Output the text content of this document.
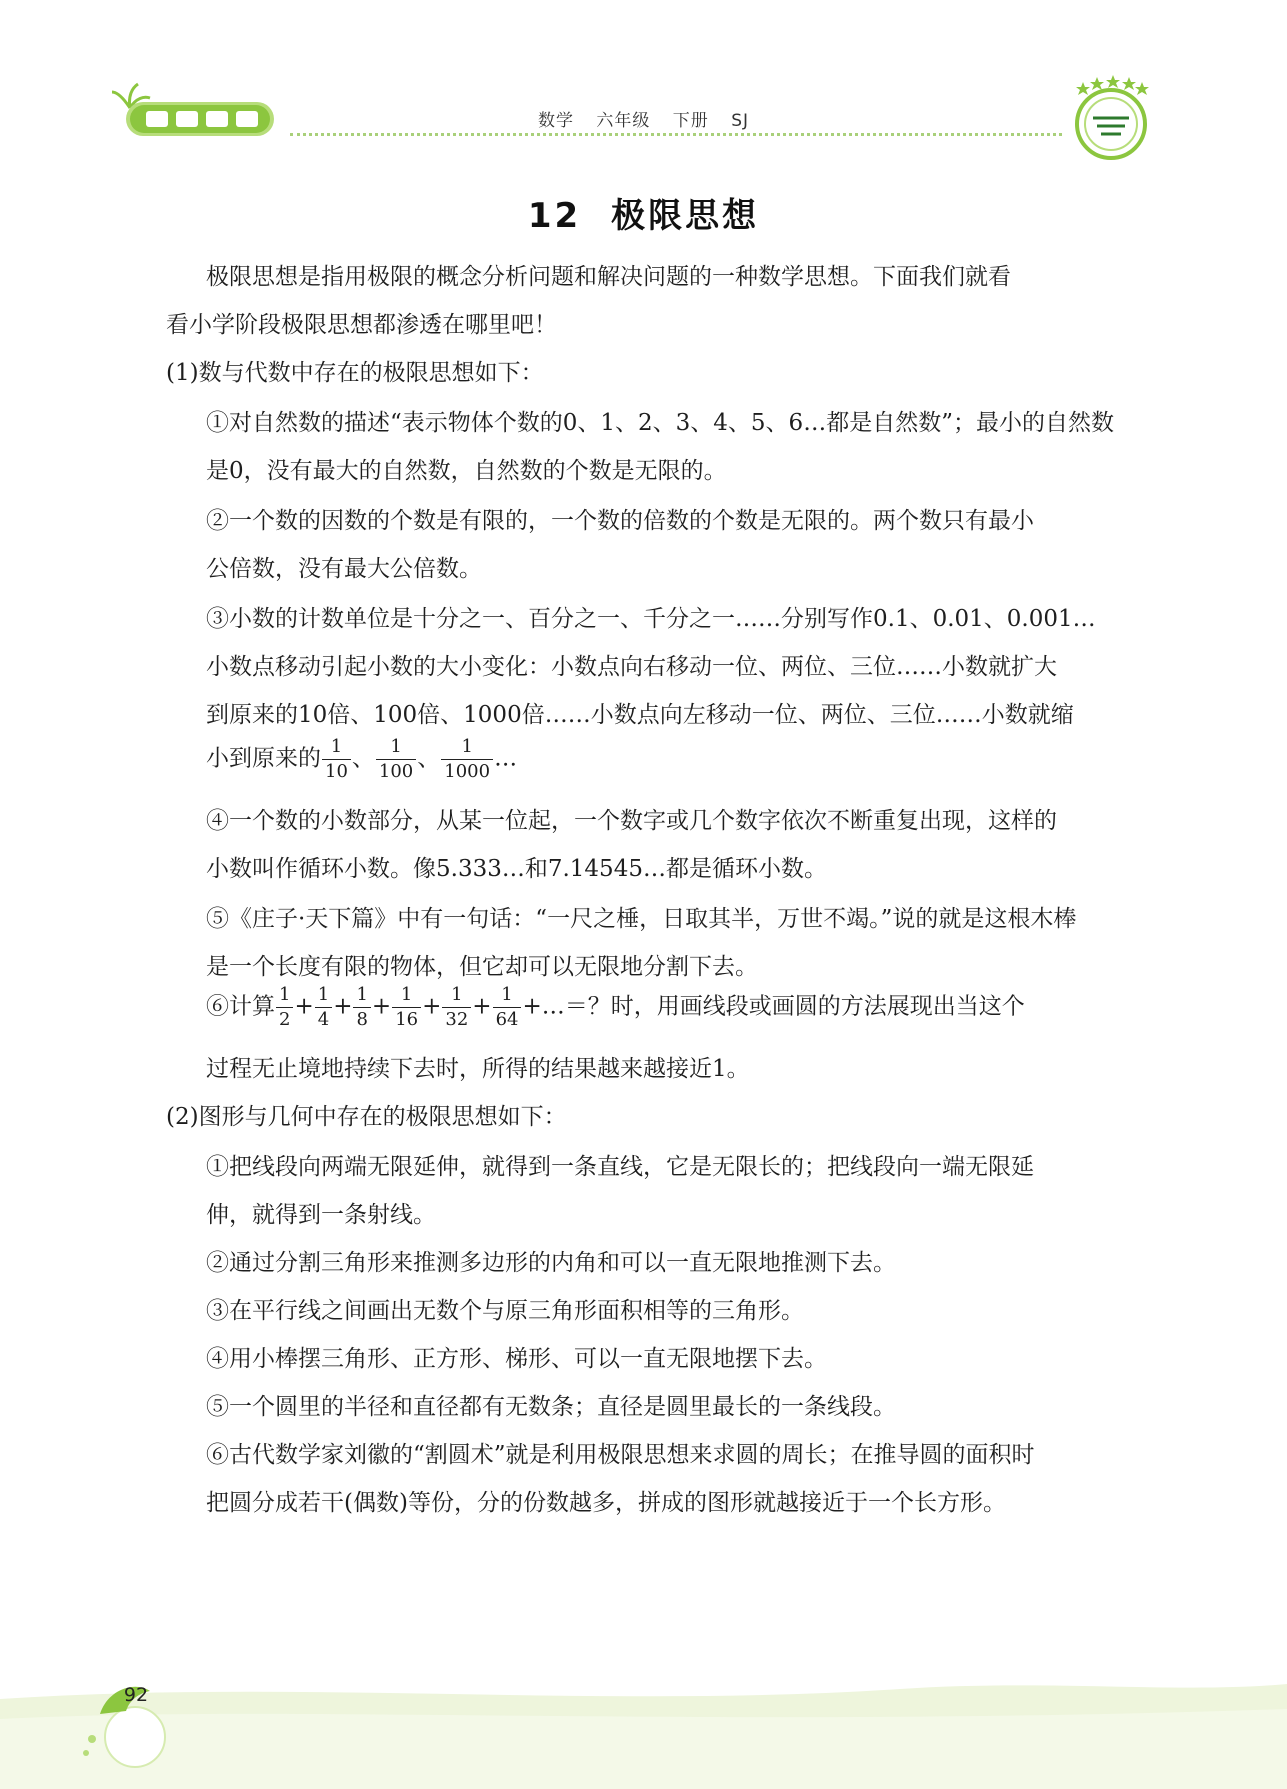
数学 六年级 下册 SJ
12 极限思想
极限思想是指用极限的概念分析问题和解决问题的一种数学思想。下面我们就看
看小学阶段极限思想都渗透在哪里吧！
(1)数与代数中存在的极限思想如下：
①对自然数的描述“表示物体个数的0、1、2、3、4、5、6…都是自然数”；最小的自然数
是0，没有最大的自然数，自然数的个数是无限的。
②一个数的因数的个数是有限的，一个数的倍数的个数是无限的。两个数只有最小
公倍数，没有最大公倍数。
③小数的计数单位是十分之一、百分之一、千分之一……分别写作0.1、0.01、0.001…
小数点移动引起小数的大小变化：小数点向右移动一位、两位、三位……小数就扩大
到原来的10倍、100倍、1000倍……小数点向左移动一位、两位、三位……小数就缩
小到原来的 $\frac{1}{10}$ 、 $\frac{1}{100}$ 、 $\frac{1}{1000}$ …
④一个数的小数部分，从某一位起，一个数字或几个数字依次不断重复出现，这样的
小数叫作循环小数。像5.333…和7.14545…都是循环小数。
⑤《庄子·天下篇》中有一句话：“一尺之棰，日取其半，万世不竭。”说的就是这根木棒
是一个长度有限的物体，但它却可以无限地分割下去。
⑥计算 $\frac{1}{2} + \frac{1}{4} + \frac{1}{8} + \frac{1}{16} + \frac{1}{32} + \frac{1}{64}$ +…＝？时，用画线段或画圆的方法展现出当这个
过程无止境地持续下去时，所得的结果越来越接近1。
(2)图形与几何中存在的极限思想如下：
①把线段向两端无限延伸，就得到一条直线，它是无限长的；把线段向一端无限延
伸，就得到一条射线。
②通过分割三角形来推测多边形的内角和可以一直无限地推测下去。
③在平行线之间画出无数个与原三角形面积相等的三角形。
④用小棒摆三角形、正方形、梯形、可以一直无限地摆下去。
⑤一个圆里的半径和直径都有无数条；直径是圆里最长的一条线段。
⑥古代数学家刘徽的“割圆术”就是利用极限思想来求圆的周长；在推导圆的面积时
把圆分成若干(偶数)等份，分的份数越多，拼成的图形就越接近于一个长方形。
92
